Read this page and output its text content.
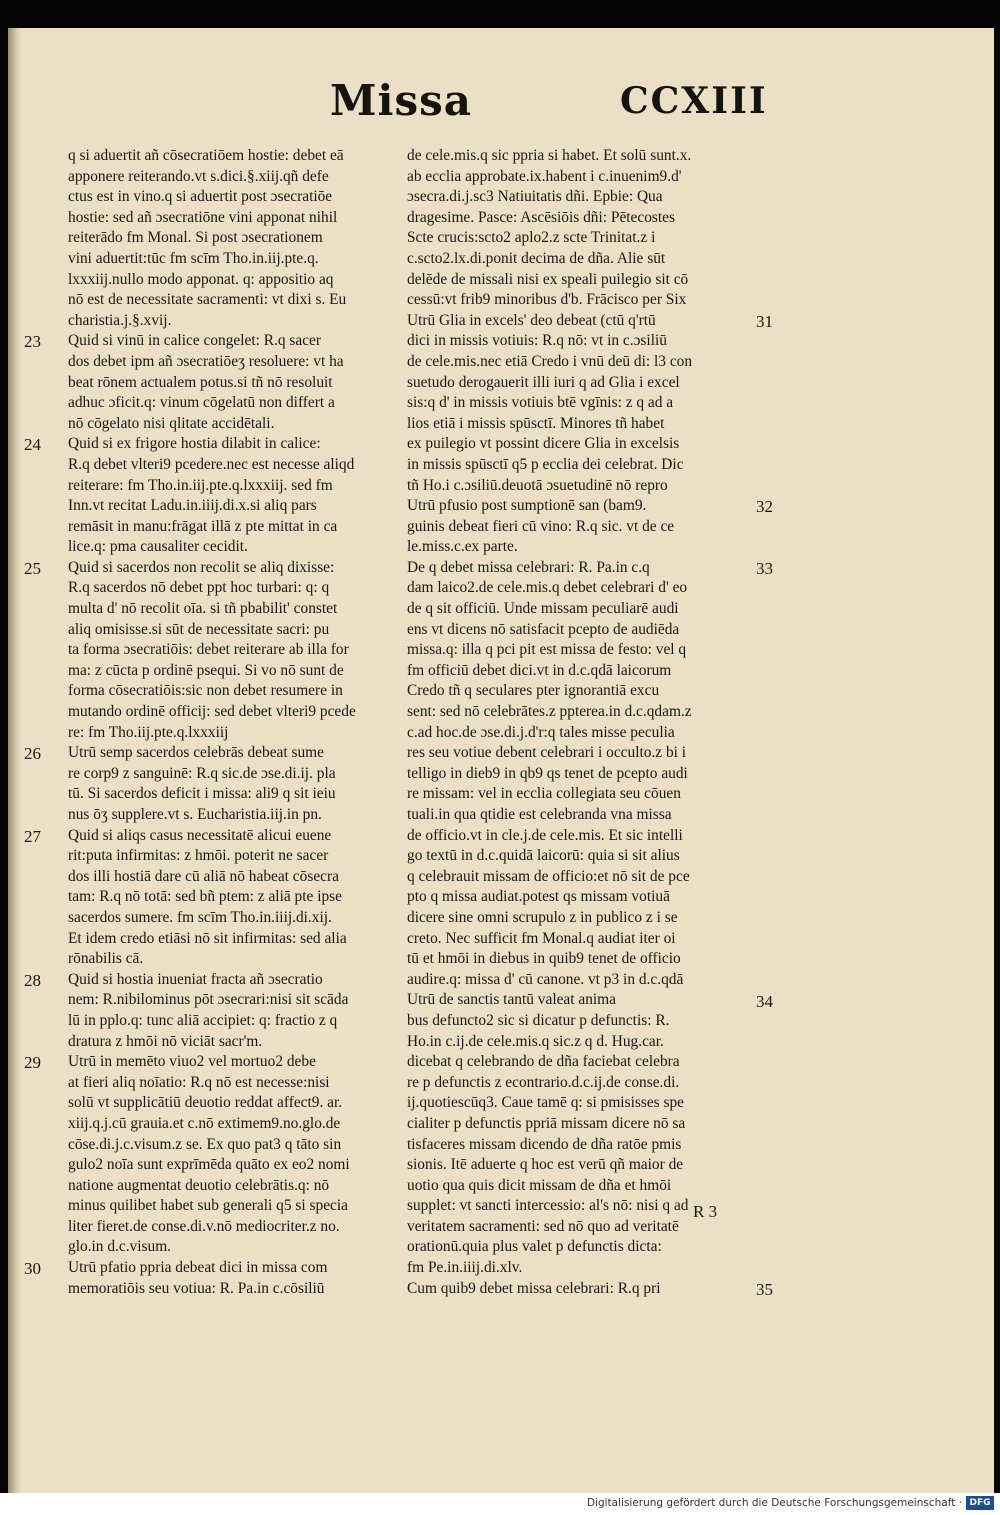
Missa	CCXIII

q si aduertit añ cōsecratiōem hostie: debet eā

apponere reiterando.vt s.dici.§.xiij.qñ defe

ctus est in vino.q si aduertit post ɔsecratiōe

hostie: sed añ ɔsecratiōne vini apponat nihil

reiterādo fm Monal. Si post ɔsecrationem

vini aduertit:tūc fm scīm Tho.in.iij.pte.q.

lxxxiij.nullo modo apponat. q: appositio aq

nō est de necessitate sacramenti: vt dixi s. Eu

charistia.j.§.xvij.

Quid si vinū in calice congelet: R.q sacer

dos debet ipm añ ɔsecratiōeʒ resoluere: vt ha

beat rōnem actualem potus.si tñ nō resoluit

adhuc ɔficit.q: vinum cōgelatū non differt a

nō cōgelato nisi qlitate accidētali.

Quid si ex frigore hostia dilabit in calice:

R.q debet vlteri9 pcedere.nec est necesse aliqd

reiterare: fm Tho.in.iij.pte.q.lxxxiij. sed fm

Inn.vt recitat Ladu.in.iiij.di.x.si aliq pars

remāsit in manu:frāgat illā z pte mittat in ca

lice.q: pma causaliter cecidit.

Quid si sacerdos non recolit se aliq dixisse:

R.q sacerdos nō debet ppt hoc turbari: q: q

multa d' nō recolit oīa. si tñ pbabilit' constet

aliq omisisse.si sūt de necessitate sacri: pu

ta forma ɔsecratiōis: debet reiterare ab illa for

ma: z cūcta p ordinē psequi. Si vo nō sunt de

forma cōsecratiōis:sic non debet resumere in

mutando ordinē officij: sed debet vlteri9 pcede

re: fm Tho.iij.pte.q.lxxxiij

Utrū semp sacerdos celebrās debeat sume

re corp9 z sanguinē: R.q sic.de ɔse.di.ij. pla

tū. Si sacerdos deficit i missa: ali9 q sit ieiu

nus ōʒ supplere.vt s. Eucharistia.iij.in pn.

Quid si aliqs casus necessitatē alicui euene

rit:puta infirmitas: z hmōi. poterit ne sacer

dos illi hostiā dare cū aliā nō habeat cōsecra

tam: R.q nō totā: sed bñ ptem: z aliā pte ipse

sacerdos sumere. fm scīm Tho.in.iiij.di.xij.

Et idem credo etiāsi nō sit infirmitas: sed alia

rōnabilis cā.

Quid si hostia inueniat fracta añ ɔsecratio

nem: R.nibilominus pōt ɔsecrari:nisi sit scāda

lū in pplo.q: tunc aliā accipiet: q: fractio z q

dratura z hmōi nō viciāt sacr'm.

Utrū in memēto viuo2 vel mortuo2 debe

at fieri aliq noīatio: R.q nō est necesse:nisi

solū vt supplicātiū deuotio reddat affect9. ar.

xiij.q.j.cū grauia.et c.nō extimem9.no.glo.de

cōse.di.j.c.visum.z se. Ex quo pat3 q tāto sin

gulo2 noīa sunt exprīmēda quāto ex eo2 nomi

natione augmentat deuotio celebrātis.q: nō

minus quilibet habet sub generali q5 si specia

liter fieret.de conse.di.v.nō mediocriter.z no.

glo.in d.c.visum.

Utrū pfatio ppria debeat dici in missa com

memoratiōis seu votiua: R. Pa.in c.cōsiliū

de cele.mis.q sic ppria si habet. Et solū sunt.x.

ab ecclia approbate.ix.habent i c.inuenim9.d'

ɔsecra.di.j.sc3 Natiuitatis dñi. Epbie: Qua

dragesime. Pasce: Ascēsiōis dñi: Pētecostes

Scte crucis:scto2 aplo2.z scte Trinitat.z i

c.scto2.lx.di.ponit decima de dña. Alie sūt

delēde de missali nisi ex speali puilegio sit cō

cessū:vt frib9 minoribus d'b. Frācisco per Six

Utrū Glia in excels' deo debeat (ctū q'rtū

dici in missis votiuis: R.q nō: vt in c.ɔsiliū

de cele.mis.nec etiā Credo i vnū deū di: l3 con

suetudo derogauerit illi iuri q ad Glia i excel

sis:q d' in missis votiuis btē vgīnis: z q ad a

lios etiā i missis spūsctī. Minores tñ habet

ex puilegio vt possint dicere Glia in excelsis

in missis spūsctī q5 p ecclia dei celebrat. Dic

tñ Ho.i c.ɔsiliū.deuotā ɔsuetudinē nō repro

Utrū pfusio post sumptionē san (bam9.

guinis debeat fieri cū vino: R.q sic. vt de ce

le.miss.c.ex parte.

De q debet missa celebrari: R. Pa.in c.q

dam laico2.de cele.mis.q debet celebrari d' eo

de q sit officiū. Unde missam peculiarē audi

ens vt dicens nō satisfacit pcepto de audiēda

missa.q: illa q pci pit est missa de festo: vel q

fm officiū debet dici.vt in d.c.qdā laicorum

Credo tñ q seculares pter ignorantiā excu

sent: sed nō celebrātes.z ppterea.in d.c.qdam.z

c.ad hoc.de ɔse.di.j.d'r:q tales misse peculia

res seu votiue debent celebrari i occulto.z bi i

telligo in dieb9 in qb9 qs tenet de pcepto audi

re missam: vel in ecclia collegiata seu cōuen

tuali.in qua qtidie est celebranda vna missa

de officio.vt in cle.j.de cele.mis. Et sic intelli

go textū in d.c.quidā laicorū: quia si sit alius

q celebrauit missam de officio:et nō sit de pce

pto q missa audiat.potest qs missam votiuā

dicere sine omni scrupulo z in publico z i se

creto. Nec sufficit fm Monal.q audiat iter oi

tū et hmōi in diebus in quib9 tenet de officio

audire.q: missa d' cū canone. vt p3 in d.c.qdā

Utrū de sanctis tantū valeat anima

bus defuncto2 sic si dicatur p defunctis: R.

Ho.in c.ij.de cele.mis.q sic.z q d. Hug.car.

dicebat q celebrando de dña faciebat celebra

re p defunctis z econtrario.d.c.ij.de conse.di.

ij.quotiescūq3. Caue tamē q: si pmisisses spe

cialiter p defunctis ppriā missam dicere nō sa

tisfaceres missam dicendo de dña ratōe pmis

sionis. Itē aduerte q hoc est verū qñ maior de

uotio qua quis dicit missam de dña et hmōi

supplet: vt sancti intercessio: al's nō: nisi q ad

veritatem sacramenti: sed nō quo ad veritatē

orationū.quia plus valet p defunctis dicta:

fm Pe.in.iiij.di.xlv.

Cum quib9 debet missa celebrari: R.q pri

23
24
25
26
27
28
29
30
31
32
33
34
35
R 3
Digitalisierung gefördert durch die Deutsche Forschungsgemeinschaft · DFG
